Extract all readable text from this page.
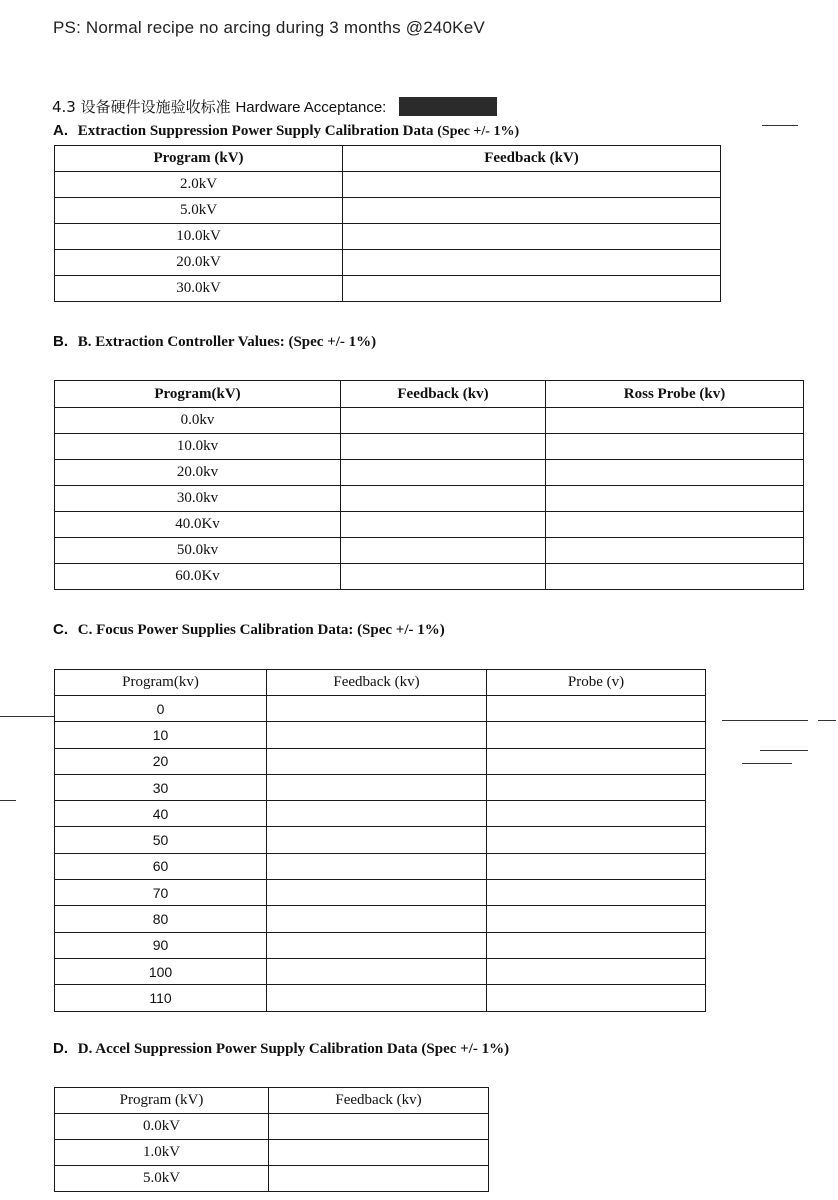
PS: Normal recipe no arcing during 3 months @240KeV
4.3 设备硬件设施验收标准 Hardware Acceptance:
A. Extraction Suppression Power Supply Calibration Data (Spec +/- 1%)
Program (kV)	Feedback (kV)
2.0kV	
5.0kV	
10.0kV	
20.0kV	
30.0kV	
B. B. Extraction Controller Values: (Spec +/- 1%)
Program(kV)	Feedback (kv)	Ross Probe (kv)
0.0kv		
10.0kv		
20.0kv		
30.0kv		
40.0Kv		
50.0kv		
60.0Kv		
C. C. Focus Power Supplies Calibration Data: (Spec +/- 1%)
Program(kv)	Feedback (kv)	Probe (v)
0		
10		
20		
30		
40		
50		
60		
70		
80		
90		
100		
110		
D. D. Accel Suppression Power Supply Calibration Data (Spec +/- 1%)
Program (kV)	Feedback (kv)
0.0kV	
1.0kV	
5.0kV	
